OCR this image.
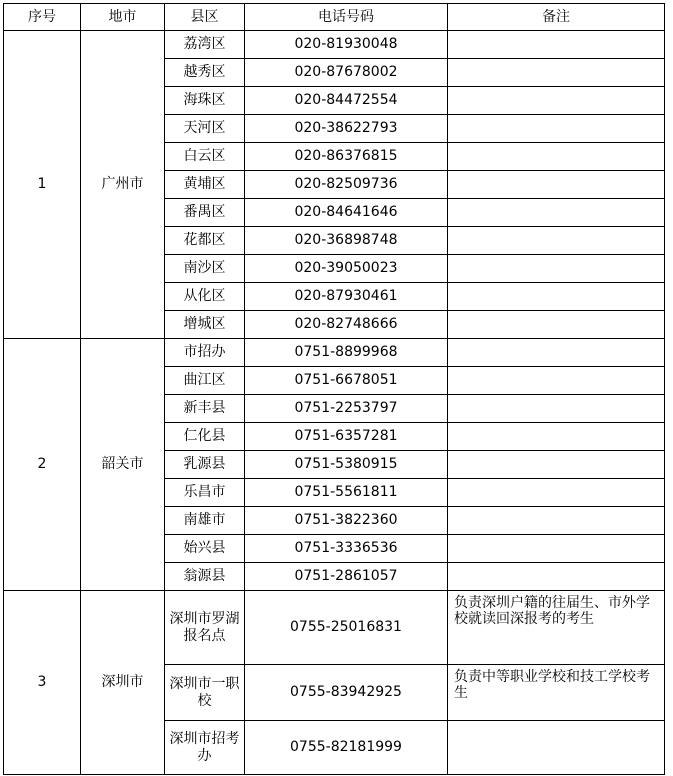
序号	地市	县区	电话号码	备注
1	广州市	荔湾区	020-81930048	
		越秀区	020-87678002	
		海珠区	020-84472554	
		天河区	020-38622793	
		白云区	020-86376815	
		黄埔区	020-82509736	
		番禺区	020-84641646	
		花都区	020-36898748	
		南沙区	020-39050023	
		从化区	020-87930461	
		增城区	020-82748666	
2	韶关市	市招办	0751-8899968	
		曲江区	0751-6678051	
		新丰县	0751-2253797	
		仁化县	0751-6357281	
		乳源县	0751-5380915	
		乐昌市	0751-5561811	
		南雄市	0751-3822360	
		始兴县	0751-3336536	
		翁源县	0751-2861057	
3	深圳市	深圳市罗湖报名点	0755-25016831	负责深圳户籍的往届生、市外学校就读回深报考的考生
		深圳市一职校	0755-83942925	负责中等职业学校和技工学校考生
		深圳市招考办	0755-82181999	
